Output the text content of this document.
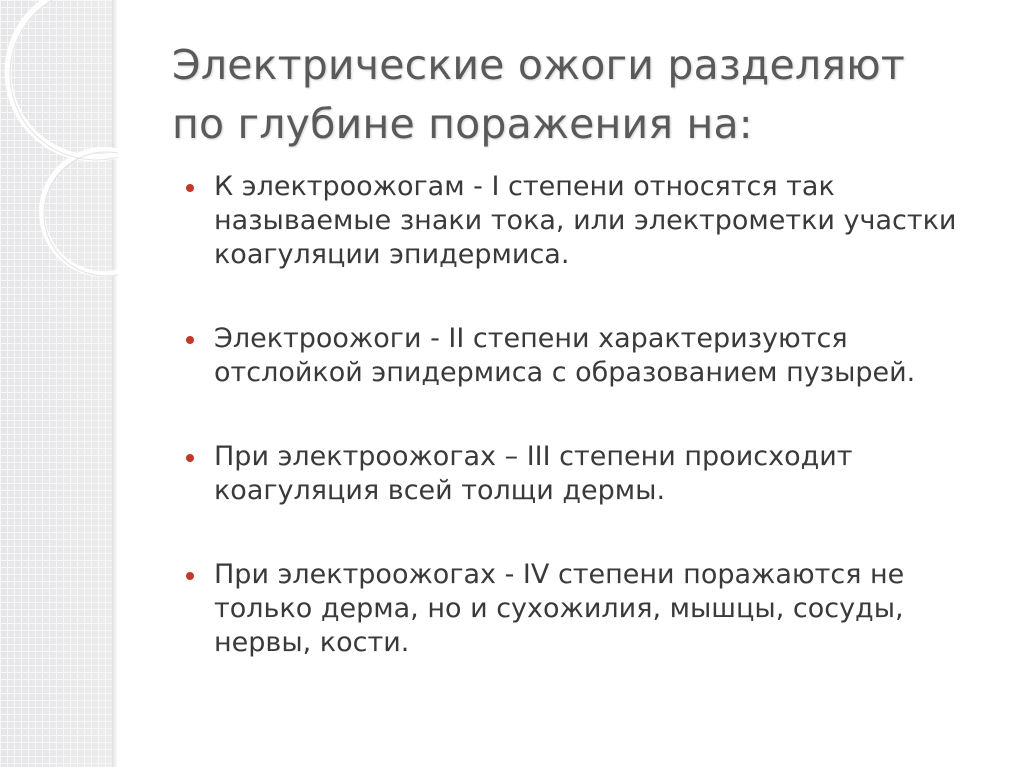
Электрические ожоги разделяют
по глубине поражения на:
К электроожогам - I степени относятся так называемые знаки тока, или электрометки участки коагуляции эпидермиса.
Электроожоги - II степени характеризуются отслойкой эпидермиса с образованием пузырей.
При электроожогах – III степени происходит коагуляция всей толщи дермы.
При электроожогах - IV степени поражаются не только дерма, но и сухожилия, мышцы, сосуды, нервы, кости.
